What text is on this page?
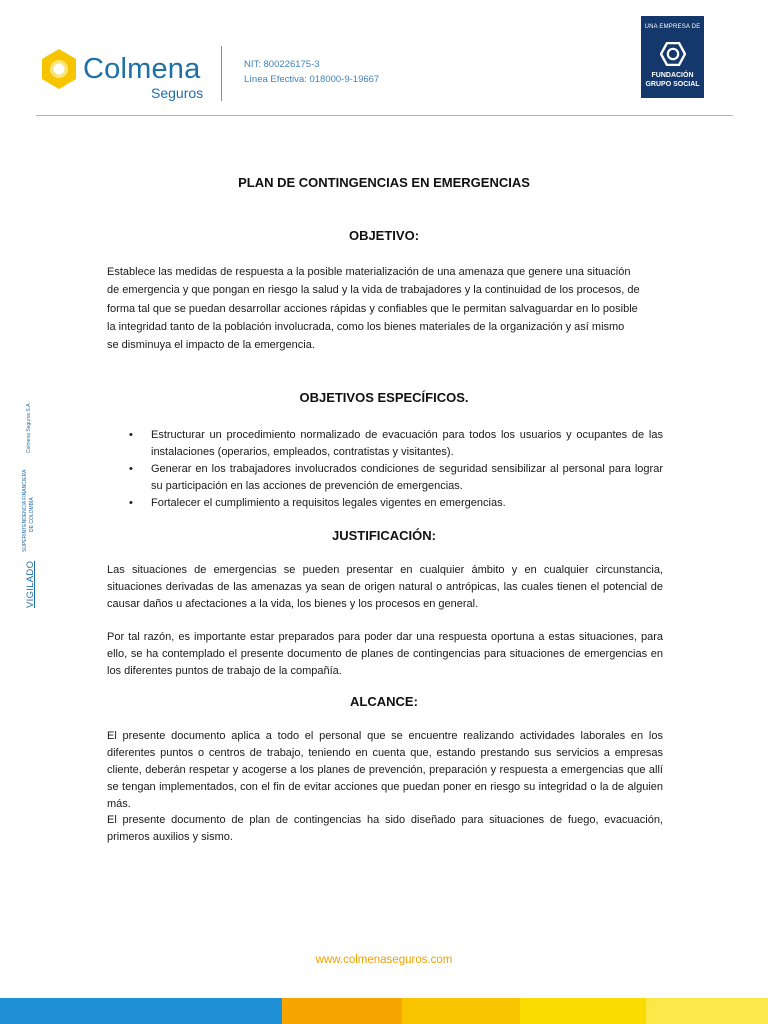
Colmena
Seguros
NIT: 800226175-3
Línea Efectiva: 018000-9-19667
UNA EMPRESA DE
FUNDACIÓN
GRUPO SOCIAL
VIGILADO
SUPERINTENDENCIA FINANCIERA DE COLOMBIA
Colmena Seguros S.A.
PLAN DE CONTINGENCIAS EN EMERGENCIAS
OBJETIVO:
Establece las medidas de respuesta a la posible materialización de una amenaza que genere una situación
de emergencia y que pongan en riesgo la salud y la vida de trabajadores y la continuidad de los procesos, de
forma tal que se puedan desarrollar acciones rápidas y confiables que le permitan salvaguardar en lo posible
la integridad tanto de la población involucrada, como los bienes materiales de la organización y así mismo
se disminuya el impacto de la emergencia.
OBJETIVOS ESPECÍFICOS.
• Estructurar un procedimiento normalizado de evacuación para todos los usuarios y ocupantes de las instalaciones (operarios, empleados, contratistas y visitantes).
• Generar en los trabajadores involucrados condiciones de seguridad sensibilizar al personal para lograr su participación en las acciones de prevención de emergencias.
• Fortalecer el cumplimiento a requisitos legales vigentes en emergencias.
JUSTIFICACIÓN:
Las situaciones de emergencias se pueden presentar en cualquier ámbito y en cualquier circunstancia, situaciones derivadas de las amenazas ya sean de origen natural o antrópicas, las cuales tienen el potencial de causar daños u afectaciones a la vida, los bienes y los procesos en general.
Por tal razón, es importante estar preparados para poder dar una respuesta oportuna a estas situaciones, para ello, se ha contemplado el presente documento de planes de contingencias para situaciones de emergencias en los diferentes puntos de trabajo de la compañía.
ALCANCE:
El presente documento aplica a todo el personal que se encuentre realizando actividades laborales en los diferentes puntos o centros de trabajo, teniendo en cuenta que, estando prestando sus servicios a empresas cliente, deberán respetar y acogerse a los planes de prevención, preparación y respuesta a emergencias que allí se tengan implementados, con el fin de evitar acciones que puedan poner en riesgo su integridad o la de alguien más.
El presente documento de plan de contingencias ha sido diseñado para situaciones de fuego, evacuación, primeros auxilios y sismo.
www.colmenaseguros.com
